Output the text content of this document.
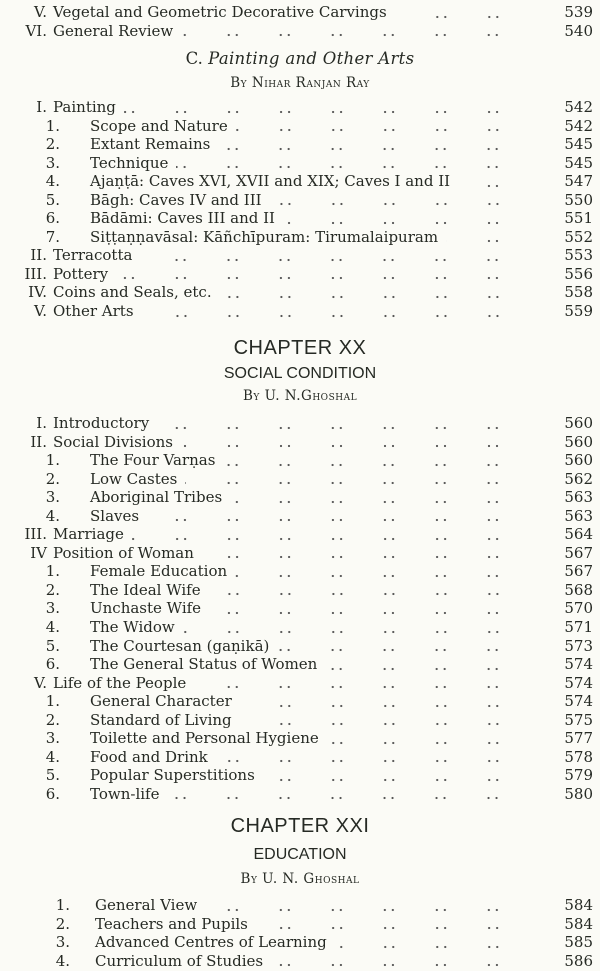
V. Vegetal and Geometric Decorative Carvings	539
VI. General Review	540
C. Painting and Other Arts
By Nihar Ranjan Ray
I. Painting	542
1.	Scope and Nature	542
2.	Extant Remains	545
3.	Technique	545
4.	Ajaṇṭā: Caves XVI, XVII and XIX; Caves I and II	547
5.	Bāgh: Caves IV and III	550
6.	Bādāmi: Caves III and II	551
7.	Siṭṭaṇṇavāsal: Kāñchīpuram: Tirumalaipuram	552
II. Terracotta	553
III. Pottery	556
IV. Coins and Seals, etc.	558
V. Other Arts	559
CHAPTER XX
SOCIAL CONDITION
By U. N.Ghoshal
I. Introductory	560
II. Social Divisions	560
1.	The Four Varṇas	560
2.	Low Castes	562
3.	Aboriginal Tribes	563
4.	Slaves	563
III. Marriage	564
IV Position of Woman	567
1.	Female Education	567
2.	The Ideal Wife	568
3.	Unchaste Wife	570
4.	The Widow	571
5.	The Courtesan (gaṇikā)	573
6.	The General Status of Women	574
V. Life of the People	574
1.	General Character	574
2.	Standard of Living	575
3.	Toilette and Personal Hygiene	577
4.	Food and Drink	578
5.	Popular Superstitions	579
6.	Town-life	580
CHAPTER XXI
EDUCATION
By U. N. Ghoshal
1.	General View	584
2.	Teachers and Pupils	584
3.	Advanced Centres of Learning	585
4.	Curriculum of Studies	586
